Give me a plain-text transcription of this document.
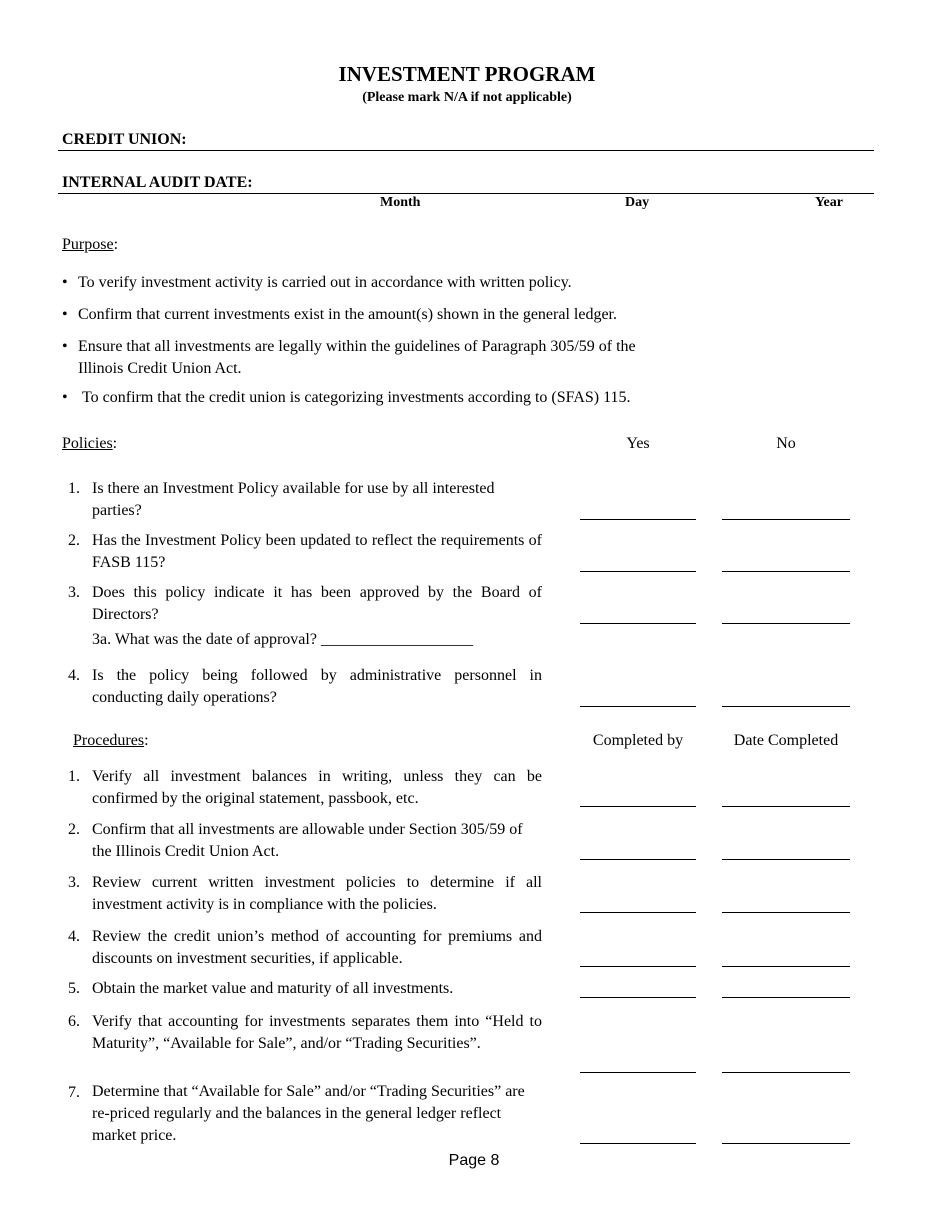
INVESTMENT PROGRAM
(Please mark N/A if not applicable)
CREDIT UNION:
INTERNAL AUDIT DATE:
Month	Day	Year
Purpose:
• To verify investment activity is carried out in accordance with written policy.
• Confirm that current investments exist in the amount(s) shown in the general ledger.
• Ensure that all investments are legally within the guidelines of Paragraph 305/59 of the Illinois Credit Union Act.
• To confirm that the credit union is categorizing investments according to (SFAS) 115.
Policies:	Yes	No
1. Is there an Investment Policy available for use by all interested parties?
2. Has the Investment Policy been updated to reflect the requirements of FASB 115?
3. Does this policy indicate it has been approved by the Board of Directors?
3a. What was the date of approval? ___________________
4. Is the policy being followed by administrative personnel in conducting daily operations?
Procedures:	Completed by	Date Completed
1. Verify all investment balances in writing, unless they can be confirmed by the original statement, passbook, etc.
2. Confirm that all investments are allowable under Section 305/59 of the Illinois Credit Union Act.
3. Review current written investment policies to determine if all investment activity is in compliance with the policies.
4. Review the credit union’s method of accounting for premiums and discounts on investment securities, if applicable.
5. Obtain the market value and maturity of all investments.
6. Verify that accounting for investments separates them into “Held to Maturity”, “Available for Sale”, and/or “Trading Securities”.
7. Determine that “Available for Sale” and/or “Trading Securities” are re-priced regularly and the balances in the general ledger reflect market price.
Page 8
